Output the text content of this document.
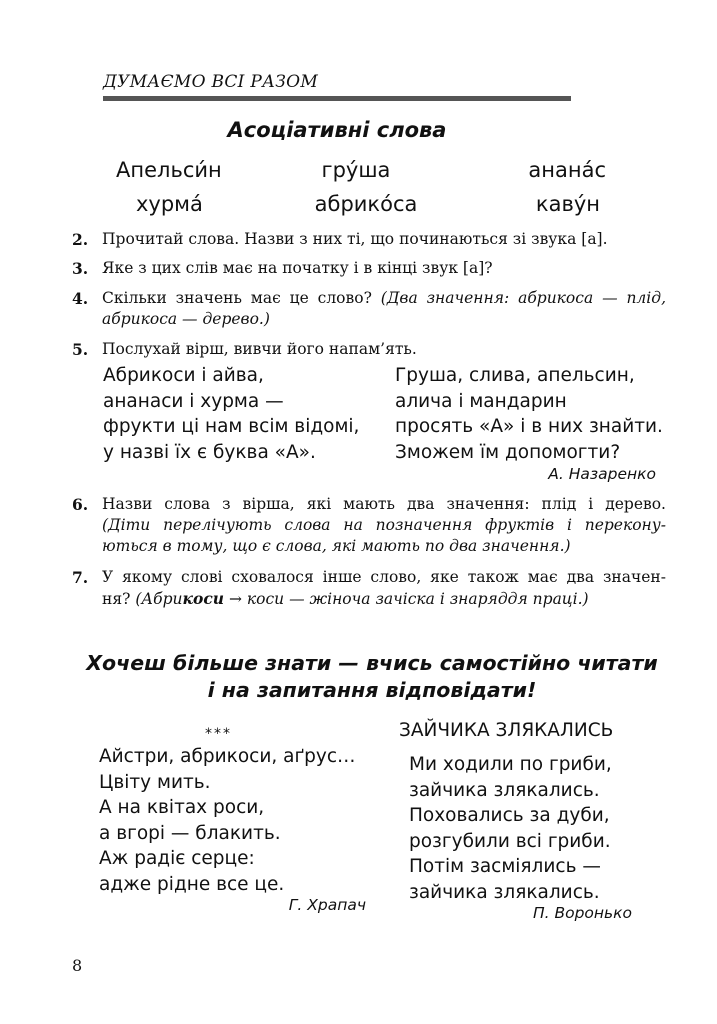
ДУМАЄМО ВСІ РАЗОМ
Асоціативні слова
Апельси́н	гру́ша	анана́с
хурма́	абрико́са	каву́н
2. Прочитай слова. Назви з них ті, що починаються зі звука [а].
3. Яке з цих слів має на початку і в кінці звук [а]?
4. Скільки значень має це слово? (Два значення: абрикоса — плід,
абрикоса — дерево.)
5. Послухай вірш, вивчи його напам’ять.
Абрикоси і айва,
ананаси і хурма —
фрукти ці нам всім відомі,
у назві їх є буква «А».
Груша, слива, апельсин,
алича і мандарин
просять «А» і в них знайти.
Зможем їм допомогти?
А. Назаренко
6. Назви слова з вірша, які мають два значення: плід і дерево.
(Діти перелічують слова на позначення фруктів і перекону-
ються в тому, що є слова, які мають по два значення.)
7. У якому слові сховалося інше слово, яке також має два значен-
ня? (Абрикоси → коси — жіноча зачіска і знаряддя праці.)
Хочеш більше знати — вчись самостійно читати
і на запитання відповідати!
***
Айстри, абрикоси, аґрус…
Цвіту мить.
А на квітах роси,
а вгорі — блакить.
Аж радіє серце:
адже рідне все це.
Г. Храпач
ЗАЙЧИКА ЗЛЯКАЛИСЬ
Ми ходили по гриби,
зайчика злякались.
Поховались за дуби,
розгубили всі гриби.
Потім засміялись —
зайчика злякались.
П. Воронько
8
